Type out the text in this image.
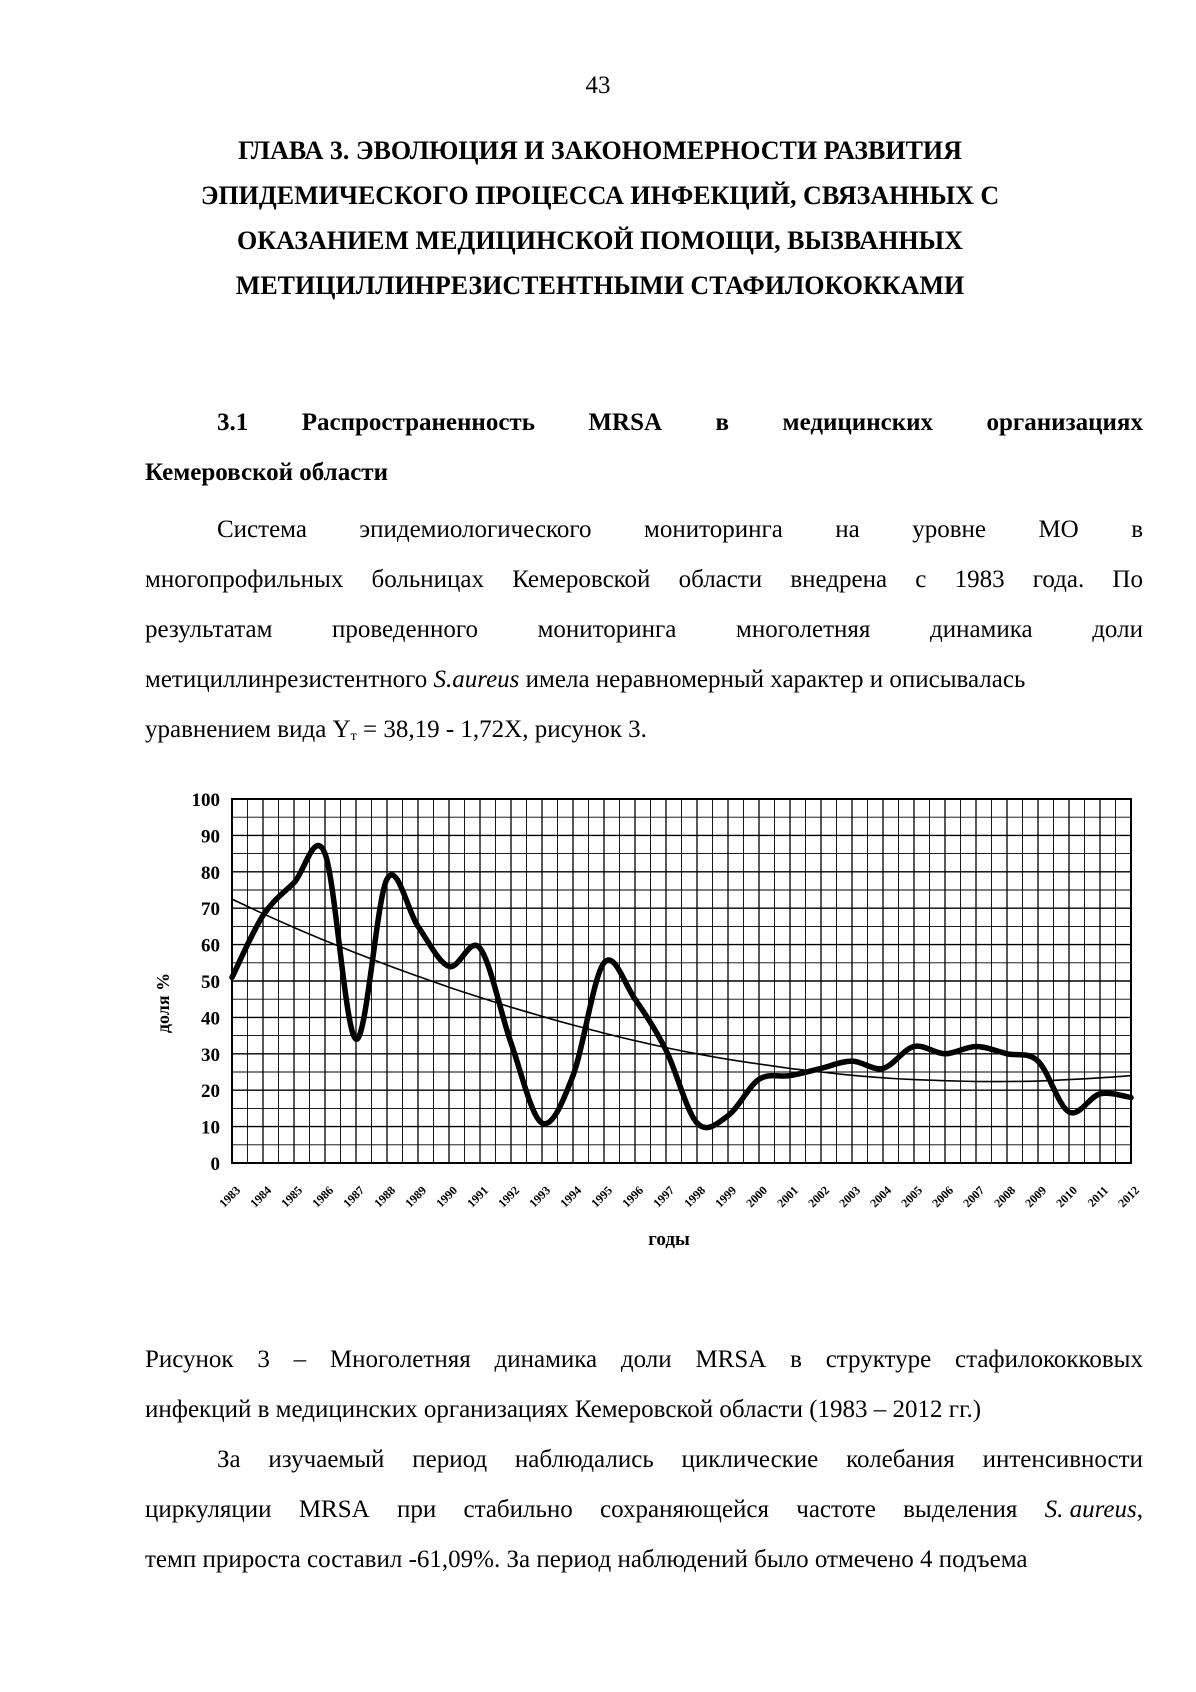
43
ГЛАВА 3. ЭВОЛЮЦИЯ И ЗАКОНОМЕРНОСТИ РАЗВИТИЯ
ЭПИДЕМИЧЕСКОГО ПРОЦЕССА ИНФЕКЦИЙ, СВЯЗАННЫХ С
ОКАЗАНИЕМ МЕДИЦИНСКОЙ ПОМОЩИ, ВЫЗВАННЫХ
МЕТИЦИЛЛИНРЕЗИСТЕНТНЫМИ СТАФИЛОКОККАМИ
3.1 Распространенность MRSA в медицинских организациях
Кемеровской области
Система эпидемиологического мониторинга на уровне МО в
многопрофильных больницах Кемеровской области внедрена с 1983 года. По
результатам проведенного мониторинга многолетняя динамика доли
метициллинрезистентного S.aureus имела неравномерный характер и описывалась
уравнением вида $Y_т = 38,19 - 1,72X$, рисунок 3.
0
10
20
30
40
50
60
70
80
90
100
1983 1984 1985 1986 1987 1988 1989 1990 1991 1992 1993 1994 1995 1996 1997 1998 1999 2000 2001 2002 2003 2004 2005 2006 2007 2008 2009 2010 2011 2012
доля %
годы
Рисунок 3 – Многолетняя динамика доли MRSA в структуре стафилококковых
инфекций в медицинских организациях Кемеровской области (1983 – 2012 гг.)
За изучаемый период наблюдались циклические колебания интенсивности
циркуляции MRSA при стабильно сохраняющейся частоте выделения S. aureus,
темп прироста составил -61,09%. За период наблюдений было отмечено 4 подъема
